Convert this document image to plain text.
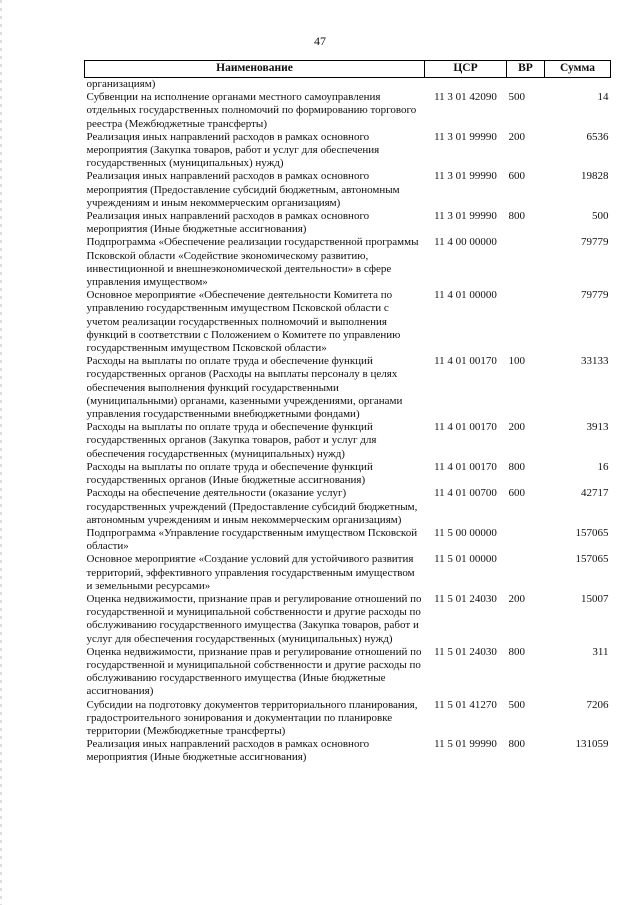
47
Наименование	ЦСР	ВР	Сумма
организациям)			
Субвенции на исполнение органами местного самоуправления отдельных государственных полномочий по формированию торгового реестра (Межбюджетные трансферты)	11 3 01 42090	500	14
Реализация иных направлений расходов в рамках основного мероприятия (Закупка товаров, работ и услуг для обеспечения государственных (муниципальных) нужд)	11 3 01 99990	200	6536
Реализация иных направлений расходов в рамках основного мероприятия (Предоставление субсидий бюджетным, автономным учреждениям и иным некоммерческим организациям)	11 3 01 99990	600	19828
Реализация иных направлений расходов в рамках основного мероприятия (Иные бюджетные ассигнования)	11 3 01 99990	800	500
Подпрограмма «Обеспечение реализации государственной программы Псковской области «Содействие экономическому развитию, инвестиционной и внешнеэкономической деятельности» в сфере управления имуществом»	11 4 00 00000		79779
Основное мероприятие «Обеспечение деятельности Комитета по управлению государственным имуществом Псковской области с учетом реализации государственных полномочий и выполнения функций в соответствии с Положением о Комитете по управлению государственным имуществом Псковской области»	11 4 01 00000		79779
Расходы на выплаты по оплате труда и обеспечение функций государственных органов (Расходы на выплаты персоналу в целях обеспечения выполнения функций государственными (муниципальными) органами, казенными учреждениями, органами управления государственными внебюджетными фондами)	11 4 01 00170	100	33133
Расходы на выплаты по оплате труда и обеспечение функций государственных органов (Закупка товаров, работ и услуг для обеспечения государственных (муниципальных) нужд)	11 4 01 00170	200	3913
Расходы на выплаты по оплате труда и обеспечение функций государственных органов (Иные бюджетные ассигнования)	11 4 01 00170	800	16
Расходы на обеспечение деятельности (оказание услуг) государственных учреждений (Предоставление субсидий бюджетным, автономным учреждениям и иным некоммерческим организациям)	11 4 01 00700	600	42717
Подпрограмма «Управление государственным имуществом Псковской области»	11 5 00 00000		157065
Основное мероприятие «Создание условий для устойчивого развития территорий, эффективного управления государственным имуществом и земельными ресурсами»	11 5 01 00000		157065
Оценка недвижимости, признание прав и регулирование отношений по государственной и муниципальной собственности и другие расходы по обслуживанию государственного имущества (Закупка товаров, работ и услуг для обеспечения государственных (муниципальных) нужд)	11 5 01 24030	200	15007
Оценка недвижимости, признание прав и регулирование отношений по государственной и муниципальной собственности и другие расходы по обслуживанию государственного имущества (Иные бюджетные ассигнования)	11 5 01 24030	800	311
Субсидии на подготовку документов территориального планирования, градостроительного зонирования и документации по планировке территории (Межбюджетные трансферты)	11 5 01 41270	500	7206
Реализация иных направлений расходов в рамках основного мероприятия (Иные бюджетные ассигнования)	11 5 01 99990	800	131059
